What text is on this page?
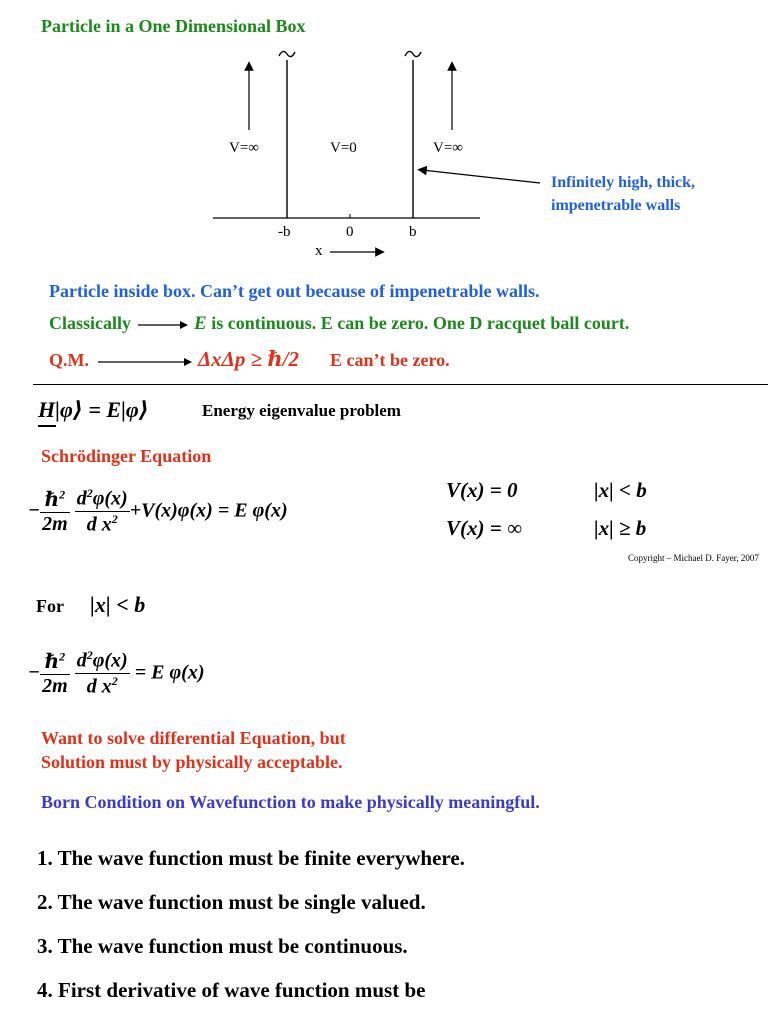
Particle in a One Dimensional Box
V=∞	V=0	V=∞
-b	0	b
x
Infinitely high, thick,
impenetrable walls
Particle inside box. Can’t get out because of impenetrable walls.
Classically	E is continuous. E can be zero. One D racquet ball court.
Q.M.	ΔxΔp ≥ ℏ/2 E can’t be zero.
H|φ⟩ = E|φ⟩	Energy eigenvalue problem
Schrödinger Equation
− $\frac{\hbar^2}{2m}$
$\frac{d^2\varphi(x)}{d x^2} +V(x)\varphi(x) = E$ φ(x)
V(x) = 0	|x| < b
V(x) = ∞	|x| ≥ b
Copyright – Michael D. Fayer, 2007
For |x| < b
− $\frac{\hbar^2}{2m}$
$\frac{d^2\varphi(x)}{d x^2} = E$ φ(x)
Want to solve differential Equation, but
Solution must by physically acceptable.
Born Condition on Wavefunction to make physically meaningful.
1. The wave function must be finite everywhere.
2. The wave function must be single valued.
3. The wave function must be continuous.
4. First derivative of wave function must be
